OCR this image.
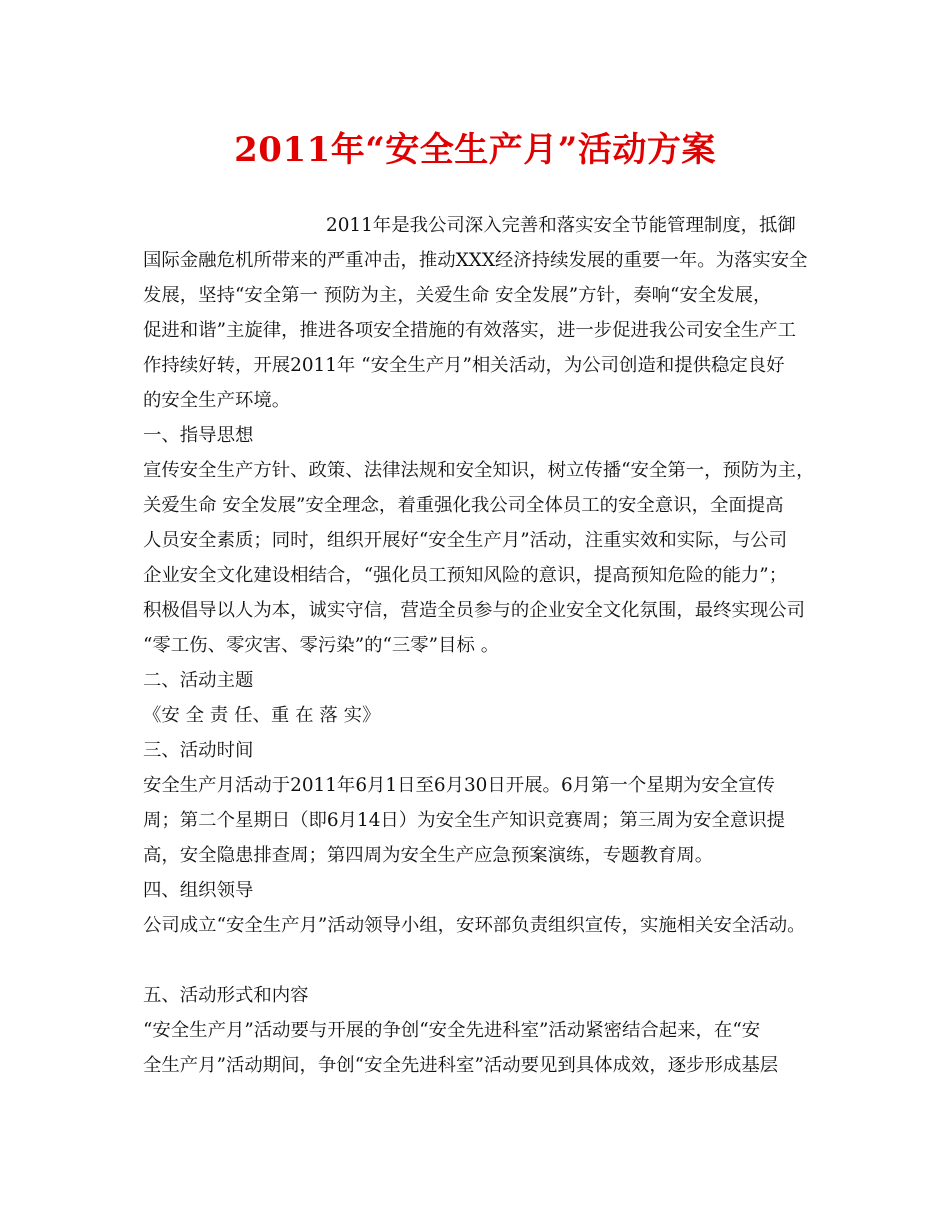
2011年“安全生产月”活动方案
2011年是我公司深入完善和落实安全节能管理制度，抵御
国际金融危机所带来的严重冲击，推动XXX经济持续发展的重要一年。为落实安全
发展，坚持“安全第一 预防为主，关爱生命 安全发展”方针，奏响“安全发展，
促进和谐”主旋律，推进各项安全措施的有效落实，进一步促进我公司安全生产工
作持续好转，开展2011年 “安全生产月”相关活动，为公司创造和提供稳定良好
的安全生产环境。
一、指导思想
宣传安全生产方针、政策、法律法规和安全知识，树立传播“安全第一，预防为主，
关爱生命 安全发展”安全理念，着重强化我公司全体员工的安全意识，全面提高
人员安全素质；同时，组织开展好“安全生产月”活动，注重实效和实际，与公司
企业安全文化建设相结合，“强化员工预知风险的意识，提高预知危险的能力”；
积极倡导以人为本，诚实守信，营造全员参与的企业安全文化氛围，最终实现公司
“零工伤、零灾害、零污染”的“三零”目标 。
二、活动主题
《安 全 责 任、重 在 落 实》
三、活动时间
安全生产月活动于2011年6月1日至6月30日开展。6月第一个星期为安全宣传
周；第二个星期日（即6月14日）为安全生产知识竞赛周；第三周为安全意识提
高，安全隐患排查周；第四周为安全生产应急预案演练，专题教育周。
四、组织领导
公司成立“安全生产月”活动领导小组，安环部负责组织宣传，实施相关安全活动。
五、活动形式和内容
“安全生产月”活动要与开展的争创“安全先进科室”活动紧密结合起来，在“安
全生产月”活动期间，争创“安全先进科室”活动要见到具体成效，逐步形成基层
